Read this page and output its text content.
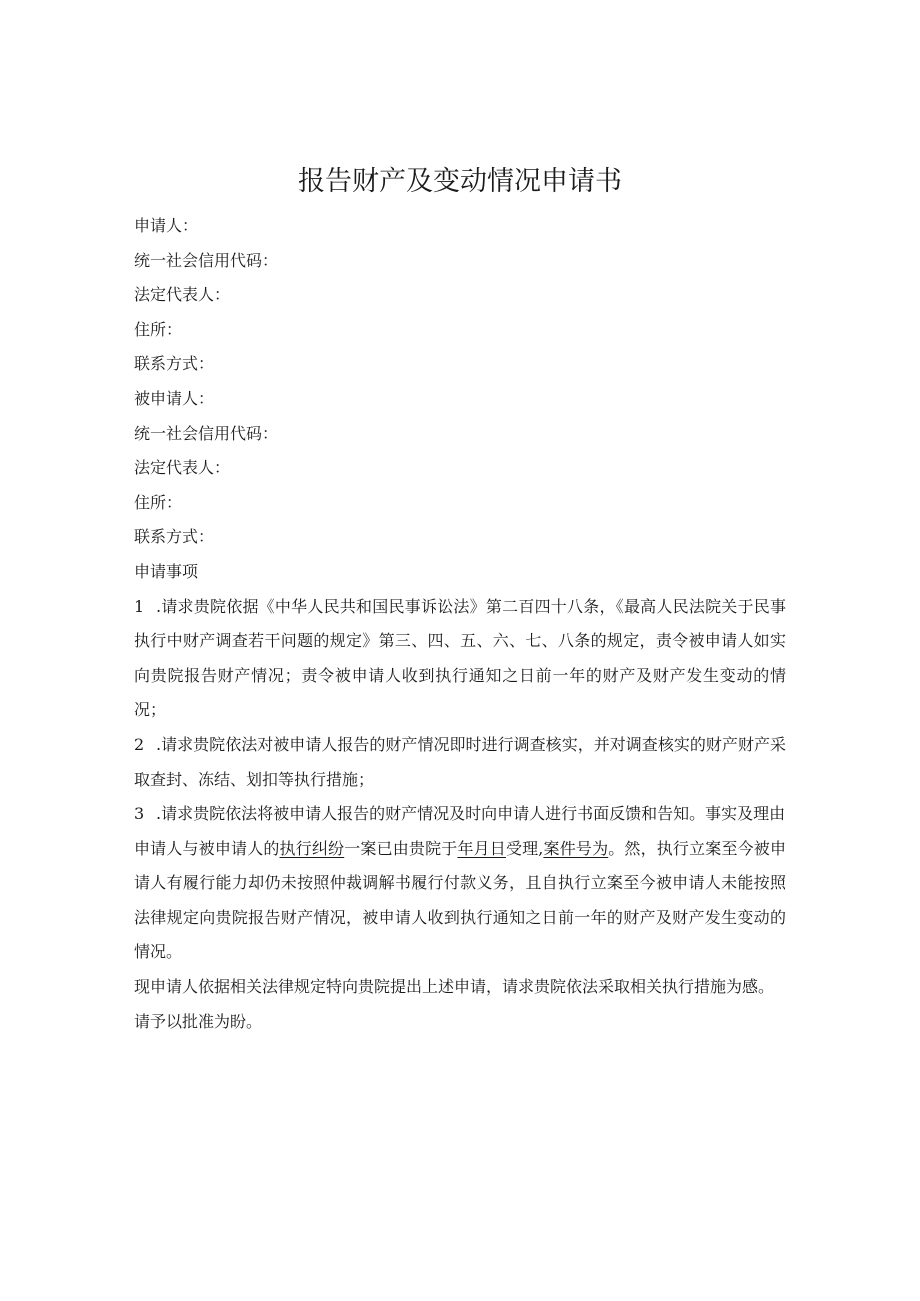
报告财产及变动情况申请书

申请人：

统一社会信用代码：

法定代表人：

住所：

联系方式：

被申请人：

统一社会信用代码：

法定代表人：

住所：

联系方式：

申请事项

1 .请求贵院依据《中华人民共和国民事诉讼法》第二百四十八条，《最高人民法院关于民事执行中财产调查若干问题的规定》第三、四、五、六、七、八条的规定，责令被申请人如实向贵院报告财产情况；责令被申请人收到执行通知之日前一年的财产及财产发生变动的情况；

2 .请求贵院依法对被申请人报告的财产情况即时进行调查核实，并对调查核实的财产财产采取查封、冻结、划扣等执行措施；

3 .请求贵院依法将被申请人报告的财产情况及时向申请人进行书面反馈和告知。事实及理由

申请人与被申请人的执行纠纷一案已由贵院于年月日受理,案件号为。然，执行立案至今被申请人有履行能力却仍未按照仲裁调解书履行付款义务，且自执行立案至今被申请人未能按照法律规定向贵院报告财产情况，被申请人收到执行通知之日前一年的财产及财产发生变动的情况。

现申请人依据相关法律规定特向贵院提出上述申请，请求贵院依法采取相关执行措施为感。

请予以批准为盼。
